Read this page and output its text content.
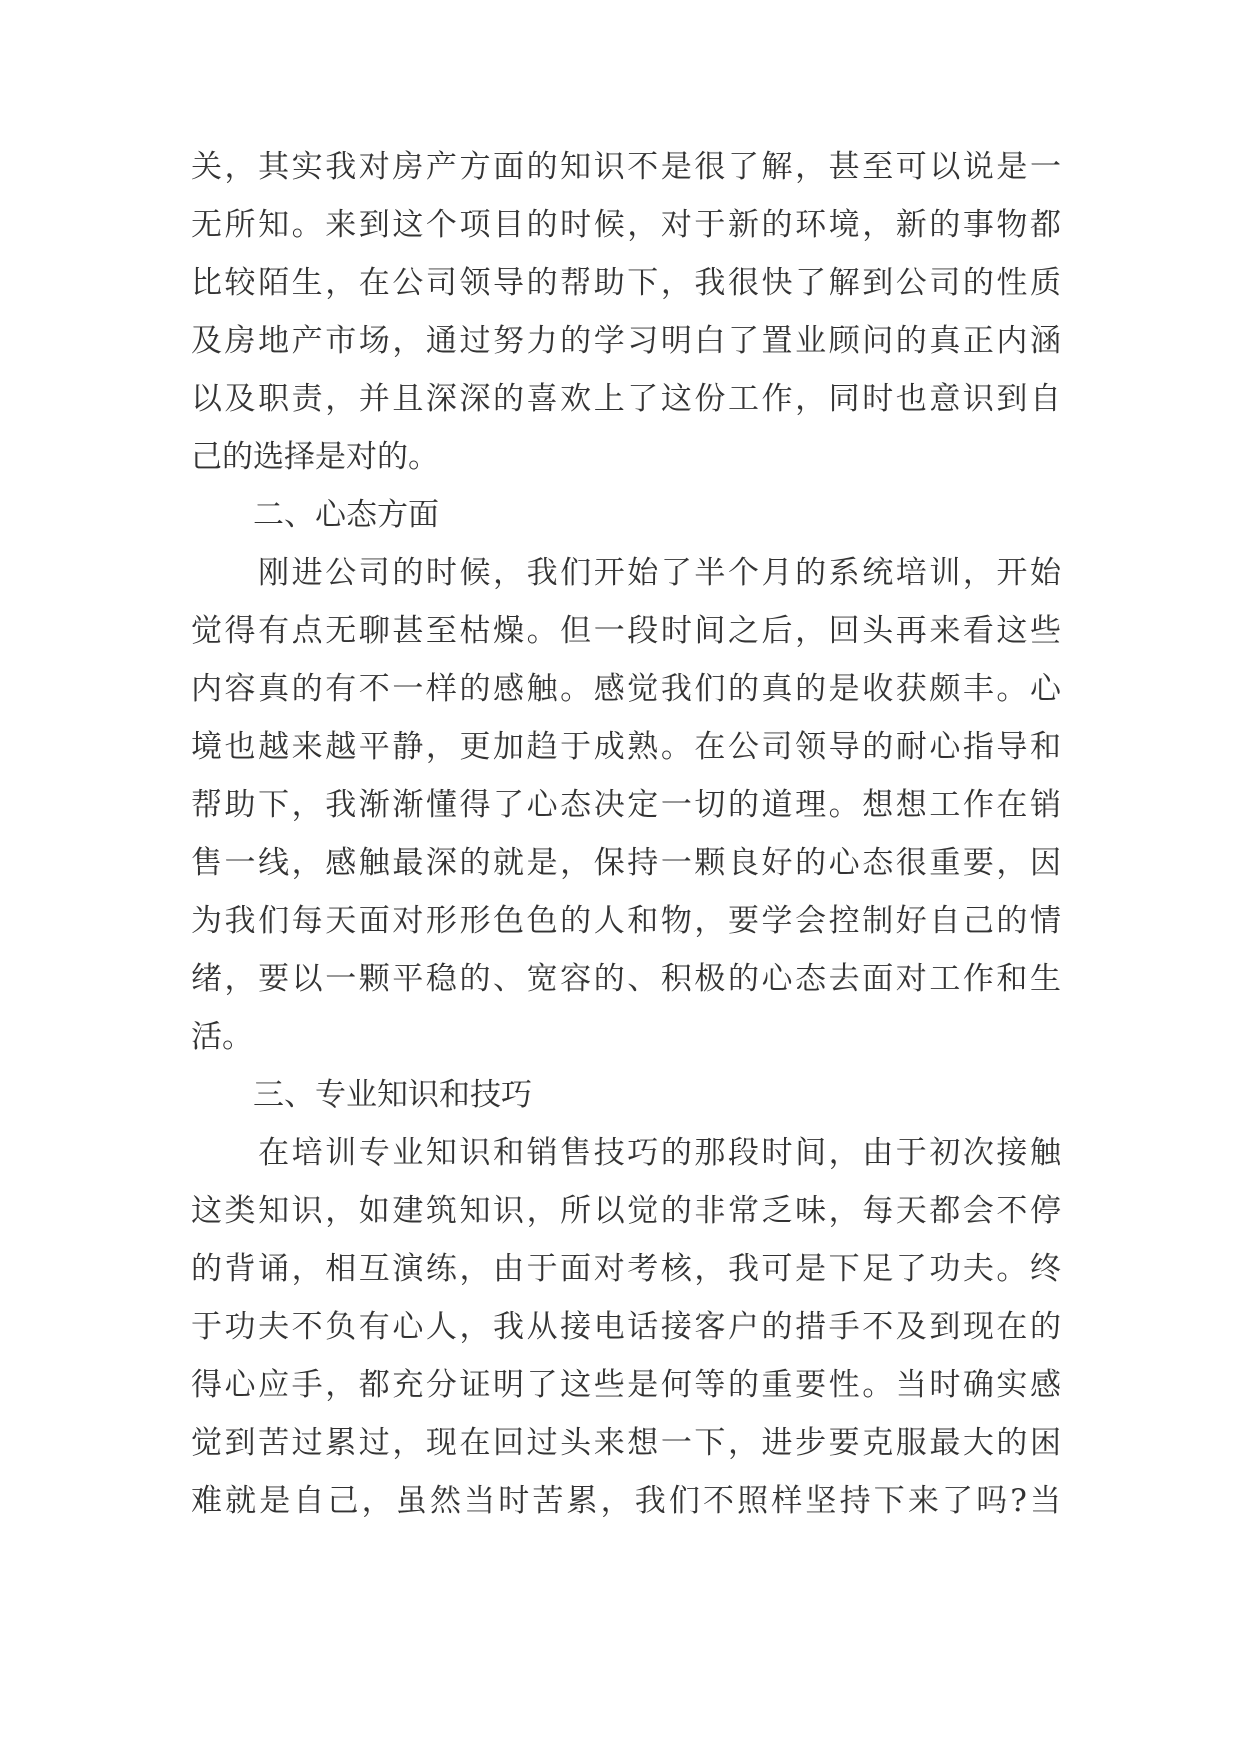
关，其实我对房产方面的知识不是很了解，甚至可以说是一
无所知。来到这个项目的时候，对于新的环境，新的事物都
比较陌生，在公司领导的帮助下，我很快了解到公司的性质
及房地产市场，通过努力的学习明白了置业顾问的真正内涵
以及职责，并且深深的喜欢上了这份工作，同时也意识到自
己的选择是对的。
　　二、心态方面
　　刚进公司的时候，我们开始了半个月的系统培训，开始
觉得有点无聊甚至枯燥。但一段时间之后，回头再来看这些
内容真的有不一样的感触。感觉我们的真的是收获颇丰。心
境也越来越平静，更加趋于成熟。在公司领导的耐心指导和
帮助下，我渐渐懂得了心态决定一切的道理。想想工作在销
售一线，感触最深的就是，保持一颗良好的心态很重要，因
为我们每天面对形形色色的人和物，要学会控制好自己的情
绪，要以一颗平稳的、宽容的、积极的心态去面对工作和生
活。
　　三、专业知识和技巧
　　在培训专业知识和销售技巧的那段时间，由于初次接触
这类知识，如建筑知识，所以觉的非常乏味，每天都会不停
的背诵，相互演练，由于面对考核，我可是下足了功夫。终
于功夫不负有心人，我从接电话接客户的措手不及到现在的
得心应手，都充分证明了这些是何等的重要性。当时确实感
觉到苦过累过，现在回过头来想一下，进步要克服最大的困
难就是自己，虽然当时苦累，我们不照样坚持下来了吗?当
